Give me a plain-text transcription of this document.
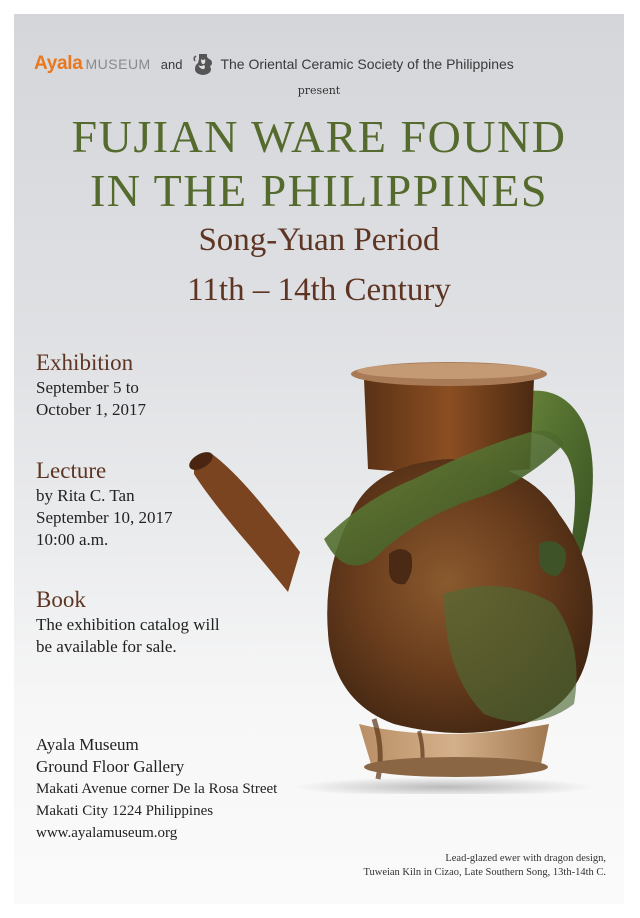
Ayala MUSEUM and	The Oriental Ceramic Society of the Philippines
present
FUJIAN WARE FOUND
IN THE PHILIPPINES
Song-Yuan Period
11th – 14th Century
Exhibition
September 5 to
October 1, 2017
Lecture
by Rita C. Tan
September 10, 2017
10:00 a.m.
Book
The exhibition catalog will
be available for sale.
Ayala Museum
Ground Floor Gallery
Makati Avenue corner De la Rosa Street
Makati City 1224 Philippines
www.ayalamuseum.org
Lead-glazed ewer with dragon design,
Tuweian Kiln in Cizao, Late Southern Song, 13th-14th C.
